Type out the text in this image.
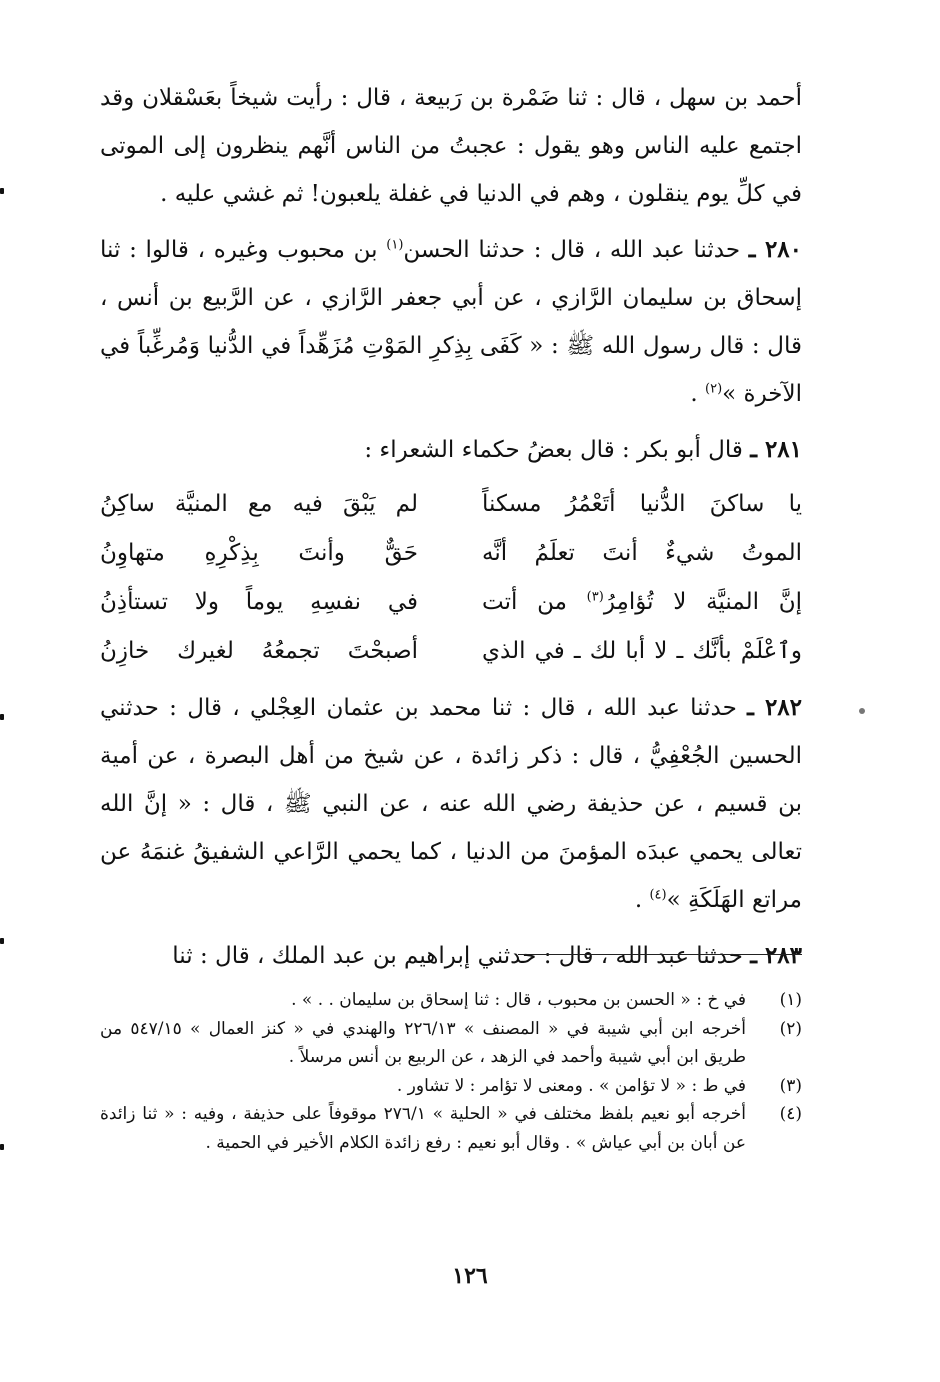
أحمد بن سهل ، قال : ثنا ضَمْرة بن رَبيعة ، قال : رأيت شيخاً بعَسْقلان وقد اجتمع عليه الناس وهو يقول : عجبتُ من الناس أنَّهم ينظرون إلى الموتى في كلِّ يوم ينقلون ، وهم في الدنيا في غفلة يلعبون! ثم غشي عليه .

٢٨٠ ـ حدثنا عبد الله ، قال : حدثنا الحسن$^{(١)}$ بن محبوب وغيره ، قالوا : ثنا إسحاق بن سليمان الرَّازي ، عن أبي جعفر الرَّازي ، عن الرَّبيع بن أنس ، قال : قال رسول الله ﷺ : « كَفَى بِذِكرِ المَوْتِ مُزَهِّداً في الدُّنيا وَمُرغِّباً في الآخرة »$^{(٢)}$ .

٢٨١ ـ قال أبو بكر : قال بعضُ حكماء الشعراء :

يا ساكنَ الدُّنيا أتَعْمُرُ مسكناً
لم يَبْقَ فيه مع المنيَّة ساكِنُ
الموتُ شيءٌ أنتَ تعلَمُ أنَّه
حَقٌّ وأنتَ بِذِكْرِهِ متهاوِنُ
إنَّ المنيَّة لا تُؤامِرُ$^{(٣)}$ من أتت
في نفسِهِ يوماً ولا تستأذِنُ
وٱعْلَمْ بأنَّك ـ لا أبا لك ـ في الذي
أصبحْتَ تجمعُهُ لغيرك خازِنُ

٢٨٢ ـ حدثنا عبد الله ، قال : ثنا محمد بن عثمان العِجْلي ، قال : حدثني الحسين الجُعْفِيُّ ، قال : ذكر زائدة ، عن شيخ من أهل البصرة ، عن أمية بن قسيم ، عن حذيفة رضي الله عنه ، عن النبي ﷺ ، قال : « إنَّ الله تعالى يحمي عبدَه المؤمنَ من الدنيا ، كما يحمي الرَّاعي الشفيقُ غنمَهُ عن مراتع الهَلَكَةِ »$^{(٤)}$ .

٢٨٣ ـ حدثنا عبد الله ، قال : حدثني إبراهيم بن عبد الملك ، قال : ثنا

(١)
في خ : « الحسن بن محبوب ، قال : ثنا إسحاق بن سليمان . . » .
(٢)
أخرجه ابن أبي شيبة في « المصنف » ٢٢٦/١٣ والهندي في « كنز العمال » ٥٤٧/١٥ من طريق ابن أبي شيبة وأحمد في الزهد ، عن الربيع بن أنس مرسلاً .
(٣)
في ط : « لا تؤامن » . ومعنى لا تؤامر : لا تشاور .
(٤)
أخرجه أبو نعيم بلفظ مختلف في « الحلية » ٢٧٦/١ موقوفاً على حذيفة ، وفيه : « ثنا زائدة عن أبان بن أبي عياش » . وقال أبو نعيم : رفع زائدة الكلام الأخير في الحمية .
١٢٦
